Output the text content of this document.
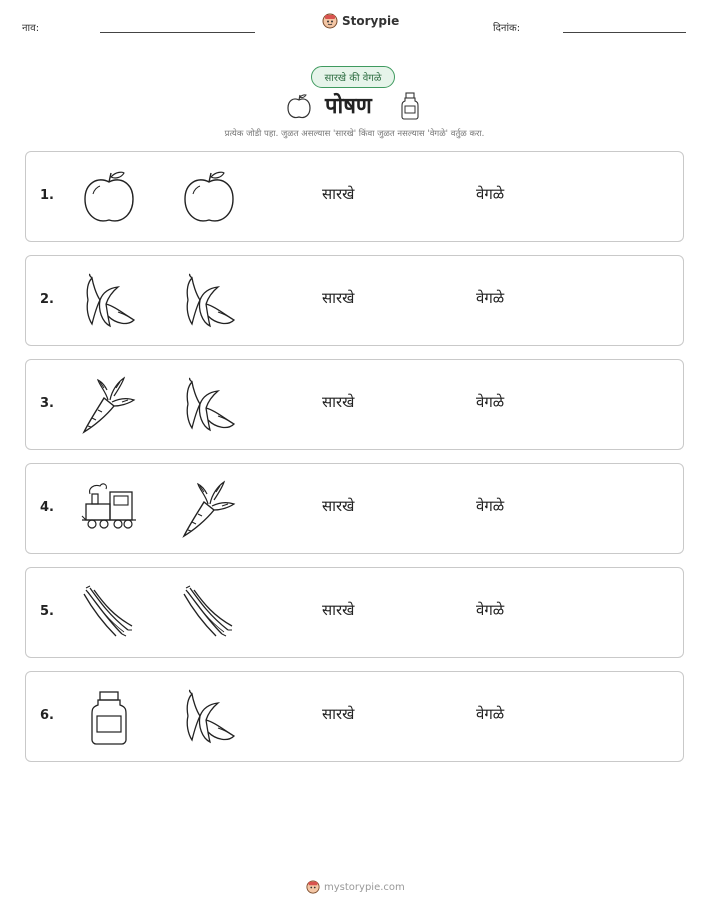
नाव:
Storypie
दिनांक:
सारखे की वेगळे
पोषण
प्रत्येक जोडी पहा. जुळत असल्यास 'सारखे' किंवा जुळत नसल्यास 'वेगळे' वर्तुळ करा.
1.	सारखे	वेगळे
2.	सारखे	वेगळे
3.	सारखे	वेगळे
4.	सारखे	वेगळे
5.	सारखे	वेगळे
6.	सारखे	वेगळे
mystorypie.com
